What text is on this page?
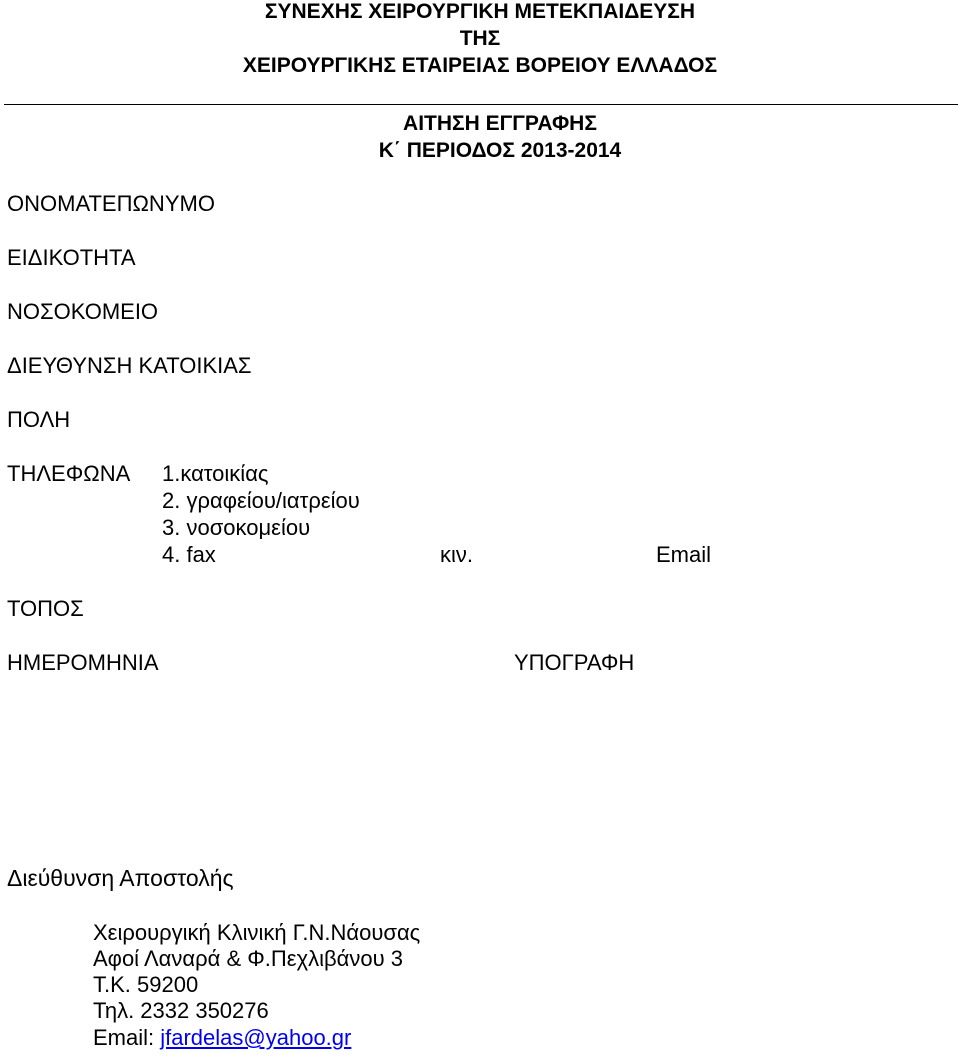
ΣΥΝΕΧΗΣ ΧΕΙΡΟΥΡΓΙΚΗ ΜΕΤΕΚΠΑΙΔΕΥΣΗ
ΤΗΣ
ΧΕΙΡΟΥΡΓΙΚΗΣ ΕΤΑΙΡΕΙΑΣ ΒΟΡΕΙΟΥ ΕΛΛΑΔΟΣ
ΑΙΤΗΣΗ ΕΓΓΡΑΦΗΣ
Κ΄ ΠΕΡΙΟΔΟΣ 2013-2014
ΟΝΟΜΑΤΕΠΩΝΥΜΟ
ΕΙΔΙΚΟΤΗΤΑ
ΝΟΣΟΚΟΜΕΙΟ
ΔΙΕΥΘΥΝΣΗ ΚΑΤΟΙΚΙΑΣ
ΠΟΛΗ
ΤΗΛΕΦΩΝΑ 1.κατοικίας
2. γραφείου/ιατρείου
3. νοσοκομείου
4. fax	κιν.	Email
ΤΟΠΟΣ
ΗΜΕΡΟΜΗΝΙΑ	ΥΠΟΓΡΑΦΗ
Διεύθυνση Αποστολής
Χειρουργική Κλινική Γ.Ν.Νάουσας
Αφοί Λαναρά & Φ.Πεχλιβάνου 3
Τ.Κ. 59200
Τηλ. 2332 350276
Email: jfardelas@yahoo.gr
